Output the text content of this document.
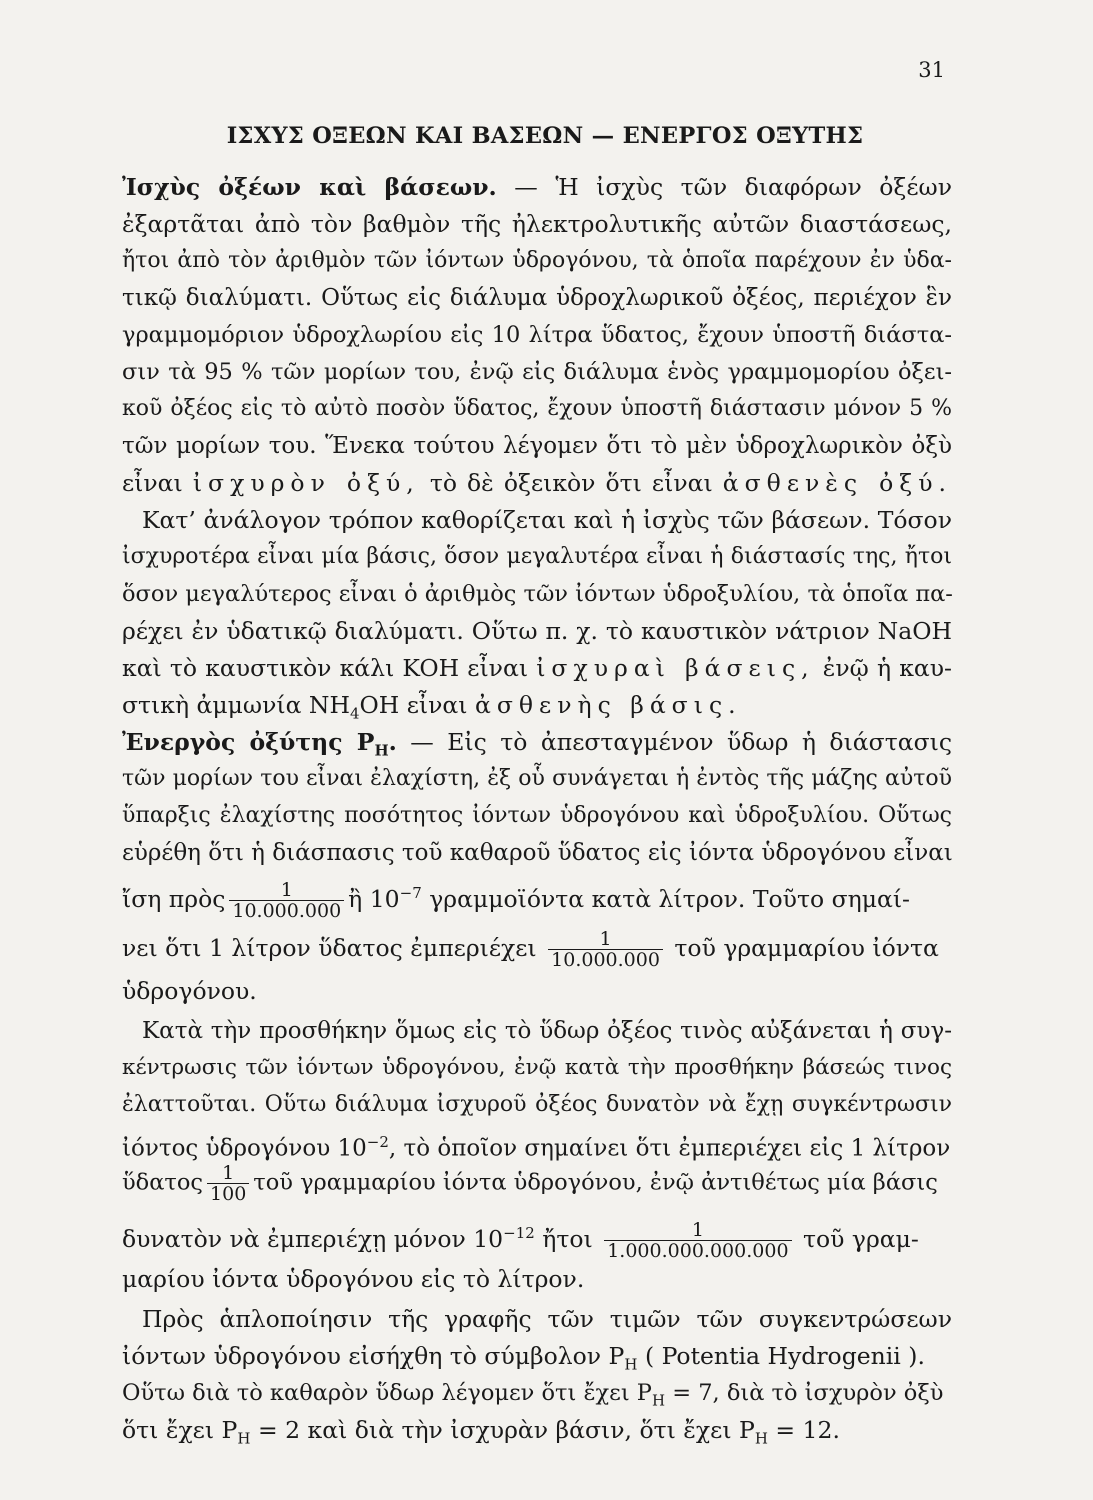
31
ΙΣΧΥΣ ΟΞΕΩΝ ΚΑΙ ΒΑΣΕΩΝ — ΕΝΕΡΓΟΣ ΟΞΥΤΗΣ
Ἰσχὺς ὀξέων καὶ βάσεων. — Ἡ ἰσχὺς τῶν διαφόρων ὀξέων
ἐξαρτᾶται ἀπὸ τὸν βαθμὸν τῆς ἠλεκτρολυτικῆς αὐτῶν διαστάσεως,
ἤτοι ἀπὸ τὸν ἀριθμὸν τῶν ἰόντων ὑδρογόνου, τὰ ὁποῖα παρέχουν ἐν ὑδα-
τικῷ διαλύματι. Οὕτως εἰς διάλυμα ὑδροχλωρικοῦ ὀξέος, περιέχον ἓν
γραμμομόριον ὑδροχλωρίου εἰς 10 λίτρα ὕδατος, ἔχουν ὑποστῆ διάστα-
σιν τὰ 95 % τῶν μορίων του, ἐνῷ εἰς διάλυμα ἑνὸς γραμμομορίου ὀξει-
κοῦ ὀξέος εἰς τὸ αὐτὸ ποσὸν ὕδατος, ἔχουν ὑποστῆ διάστασιν μόνον 5 %
τῶν μορίων του. Ἕνεκα τούτου λέγομεν ὅτι τὸ μὲν ὑδροχλωρικὸν ὀξὺ
εἶναι ἰσχυρὸν ὀξύ, τὸ δὲ ὀξεικὸν ὅτι εἶναι ἀσθενὲς ὀξύ.
Κατ’ ἀνάλογον τρόπον καθορίζεται καὶ ἡ ἰσχὺς τῶν βάσεων. Τόσον
ἰσχυροτέρα εἶναι μία βάσις, ὅσον μεγαλυτέρα εἶναι ἡ διάστασίς της, ἤτοι
ὅσον μεγαλύτερος εἶναι ὁ ἀριθμὸς τῶν ἰόντων ὑδροξυλίου, τὰ ὁποῖα πα-
ρέχει ἐν ὑδατικῷ διαλύματι. Οὕτω π. χ. τὸ καυστικὸν νάτριον NaOH
καὶ τὸ καυστικὸν κάλι KOH εἶναι ἰσχυραὶ βάσεις, ἐνῷ ἡ καυ-
στικὴ ἀμμωνία $NH_4OH$ εἶναι ἀσθενὴς βάσις.
Ἐνεργὸς ὀξύτης $P_H$. — Εἰς τὸ ἀπεσταγμένον ὕδωρ ἡ διάστασις
τῶν μορίων του εἶναι ἐλαχίστη, ἐξ οὗ συνάγεται ἡ ἐντὸς τῆς μάζης αὐτοῦ
ὕπαρξις ἐλαχίστης ποσότητος ἰόντων ὑδρογόνου καὶ ὑδροξυλίου. Οὕτως
εὑρέθη ὅτι ἡ διάσπασις τοῦ καθαροῦ ὕδατος εἰς ἰόντα ὑδρογόνου εἶναι
ἴση πρὸς $\frac{1}{10.000.000}$ ἢ $10^{-7}$ γραμμοϊόντα κατὰ λίτρον. Τοῦτο σημαί-
νει ὅτι 1 λίτρον ὕδατος ἐμπεριέχει $\frac{1}{10.000.000}$ τοῦ γραμμαρίου ἰόντα
ὑδρογόνου.
Κατὰ τὴν προσθήκην ὅμως εἰς τὸ ὕδωρ ὀξέος τινὸς αὐξάνεται ἡ συγ-
κέντρωσις τῶν ἰόντων ὑδρογόνου, ἐνῷ κατὰ τὴν προσθήκην βάσεώς τινος
ἐλαττοῦται. Οὕτω διάλυμα ἰσχυροῦ ὀξέος δυνατὸν νὰ ἔχῃ συγκέντρωσιν
ἰόντος ὑδρογόνου $10^{-2}$, τὸ ὁποῖον σημαίνει ὅτι ἐμπεριέχει εἰς 1 λίτρον
ὕδατος $\frac{1}{100}$ τοῦ γραμμαρίου ἰόντα ὑδρογόνου, ἐνῷ ἀντιθέτως μία βάσις
δυνατὸν νὰ ἐμπεριέχῃ μόνον $10^{-12}$ ἤτοι $\frac{1}{1.000.000.000.000}$ τοῦ γραμ-
μαρίου ἰόντα ὑδρογόνου εἰς τὸ λίτρον.
Πρὸς ἁπλοποίησιν τῆς γραφῆς τῶν τιμῶν τῶν συγκεντρώσεων
ἰόντων ὑδρογόνου εἰσήχθη τὸ σύμβολον $P_H$ ( Potentia Hydrogenii ).
Οὕτω διὰ τὸ καθαρὸν ὕδωρ λέγομεν ὅτι ἔχει $P_H = 7$, διὰ τὸ ἰσχυρὸν ὀξὺ
ὅτι ἔχει $P_H = 2$ καὶ διὰ τὴν ἰσχυρὰν βάσιν, ὅτι ἔχει $P_H = 12$.
